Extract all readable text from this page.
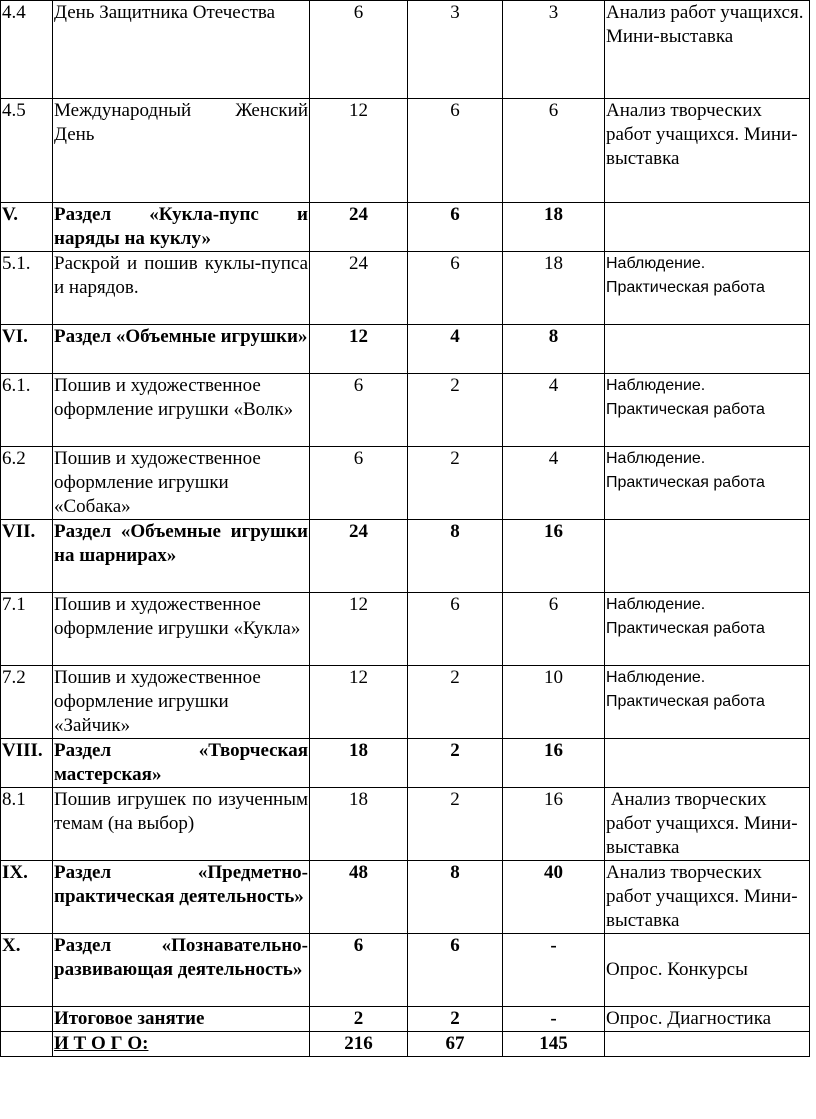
4.4	День Защитника Отечества	6	3	3	Анализ работ учащихся. Мини-выставка
4.5	Международный Женский День	12	6	6	Анализ творческих работ учащихся. Мини-выставка
V.	Раздел «Кукла-пупс и наряды на куклу»	24	6	18	
5.1.	Раскрой и пошив куклы-пупса и нарядов.	24	6	18	Наблюдение. Практическая работа
VI.	Раздел «Объемные игрушки»	12	4	8	
6.1.	Пошив и художественное оформление игрушки «Волк»	6	2	4	Наблюдение. Практическая работа
6.2	Пошив и художественное оформление игрушки «Собака»	6	2	4	Наблюдение. Практическая работа
VII.	Раздел «Объемные игрушки на шарнирах»	24	8	16	
7.1	Пошив и художественное оформление игрушки «Кукла»	12	6	6	Наблюдение. Практическая работа
7.2	Пошив и художественное оформление игрушки «Зайчик»	12	2	10	Наблюдение. Практическая работа
VIII.	Раздел «Творческая мастерская»	18	2	16	
8.1	Пошив игрушек по изученным темам (на выбор)	18	2	16	Анализ творческих работ учащихся. Мини-выставка
IX.	Раздел «Предметно-практическая деятельность»	48	8	40	Анализ творческих работ учащихся. Мини-выставка
X.	Раздел «Познавательно-развивающая деятельность»	6	6	-	Опрос. Конкурсы
	Итоговое занятие	2	2	-	Опрос. Диагностика
	И Т О Г О:	216	67	145	
